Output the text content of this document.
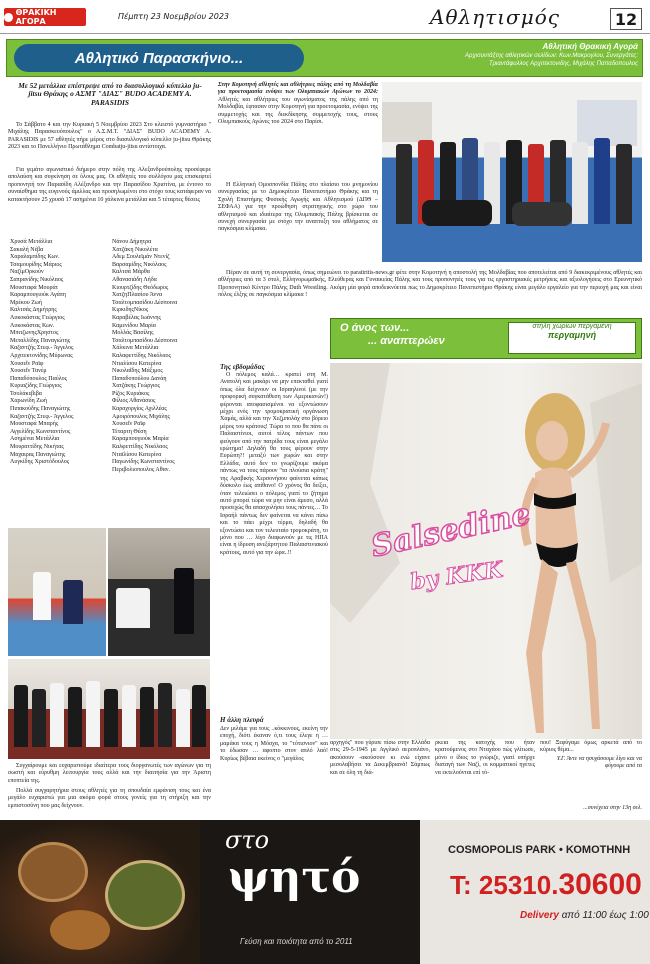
ΘΡΑΚΙΚΗ ΑΓΟΡΑ
Πέμπτη 23 Νοεμβρίου 2023	Αθλητισμός	12
Αθλητικό Παρασκήνιο...
Αθλητική Θρακική Αγορά
Αρχισυντάξτης αθλητικών σελίδων: Κων.Μακρογλου, Συνεργάτες:
Τριαντάφυλλος Αρχιτεκτονιδης, Μιχάλης Παπαδοπουλος
Με 52 μετάλλια επέστρεψε από το διασυλλογικό κύπελλο ju-jitsu Θράκης ο ΑΣΜΤ "ΔΙΑΣ" BUDO ACADEMY A. PARASIDIS
Το Σάββατο 4 και την Κυριακή 5 Νοεμβρίου 2023 Στο κλειστό γυμναστήριο " Μιχάλης Παρασκευόπουλος" ο Α.Σ.Μ.Τ. "ΔΙΑΣ" BUDO ACADEMY A. PARASIDIS με 57 αθλητές πήρε μέρος στο διασυλλογικό κύπελλο ju-jitsu Θράκης 2023 και το Πανελλήνιο Πρωτάθλημα Combatju-jitsu αντίστοιχα.
Για γεμάτο αγωνιστικό διήμερο στην πόλη της Αλεξανδρούπολης προσέφερε απολαύση και συγκίνηση σε όλους μας. Οι αθλητές του συλλόγου μας επισκεφτεί προπονητή τον Παρασίδη Αλέξανδρο και την Παρασίδου Χριστίνα, με έντονο το συναίσθημα της ευγενούς άμιλλας και προσηλωμένοι στο στόχο τους κατάφεραν να κατακτήσουν 25 χρυσά 17 ασημένια 10 χάλκινα μετάλλια και 5 τέταρτες θέσεις
Χρυσά Μετάλλια
Σακαλή Νέβα
Χαραλαμπίδης Κων.
Τσαμουρίδης Μάριος
ΝαζίμΟρκούν
Σαπρανίδης Νικόλαος
Μουσταφά Μουράτ
Καραμπουγιούκ Αγάπη
Μρέκου Ζωή
Καλτσάς Δημήτρης
Λυκοκάστας Γεώργιος
Λυκοκάστας Κων.
ΜπιτζωνηςΧρηστος
Μεταλλίδης Παναγιώτης
Καζαντζής Στεφ.- Άγγελος
Αρχιτεκτονίδης Μύρωνας
Χουσεΐν Ραϊφ
Χουσεΐν Τανέμ
Παπαδόπουλος Παύλος
Κυριαζίδης Γεώργιος
Τσολάκεβιβα
Χαρωνίδη Ζωή
Πιπακούδης Παναγιώτης
Καζαντζής Στεφ.- Άγγελος
Μουσταφά Μπαρής
Αγγελίδης Κωνσταντίνος
Ασημένια Μετάλλια
Μουραττίδης Νικήτας
Μαχαιρας Παναγιώτης
Λυγκίδης Χριστόδουλος
Νάνου Δήμητρα
Χατζάκη Νικολέτα
Αδεμ Σουλεϊμάν Ντενίζ
Βαρσαμίδης Νικόλαος
Καλτσά Μάρθα
Αθανασιάδη Λήδα
Κιουρτζίδης Θεόδωρος
ΧατζηΠλασίου Άννα
Τσαλτομπασίδου Δέσποινα
ΚιρκιδηςΝίκος
Καραβέλας Ιωάννης
Καμενίδου Μαρία
Μολλάς Βασίλης
Τσαλτομπασίδου Δέσποινα
Χάλκινα Μετάλλια
Καλαφεττίδης Νικόλαος
Ντιαλίσου Κατερίνα
Νικολαΐδης Μάξιμος
Παπαδοπούλου Δανάη
Χατζάκης Γεώργιος
Ρίζος Κυριάκος
Φίλιος Αθανάσιος
Καραχοργίος Αχιλλέας
Αμοιρόπουλος Μιχάλης
Χουσεΐν Ραϊφ
Τέταρτη Θέση
Καραμπουγιούκ Μαρία
Καλφεττίδης Νικόλαος
Νταϊλίσου Κατερίνα
Παγωνίδης Κωνσταντίνος
Περιβολιοπουλος Αθαν.
Συγχαίρουμε και ευχαριστούμε ιδιαίτερα τους διοργανωτές των αγώνων για τη σωστή και εύρυθμη λειτουργία τους αλλά και την διαιτησία για την Άριστη εποπτεία της.
Πολλά συγχαρητήρια στους αθλητές για τη σπουδαία εμφάνιση τους και ένα μεγάλο ευχαριστώ για μια ακόμα φορά στους γονείς για τη στήριξη και την εμπιστοσύνη που μας δείχνουν.
Στην Κομοτηνή αθλητές και αθλήτριες πάλης από τη Μολδαβία για προετοιμασία ενόψει των Ολυμπιακών Αγώνων το 2024: Αθλητές και αθλήτριες του αγωνίσματος της πάλης από τη Μολδαβία, έφτασαν στην Κομοτηνή για προετοιμασία, ενόψει της συμμετοχής και της διεκδίκησης συμμετοχής τους, στους Ολυμπιακούς Αγώνες του 2024 στο Παρίσι.
Η Ελληνική Ομοσπονδία Πάλης στο πλαίσιο του μνημονίου συνεργασίας με το Δημοκρίτειο Πανεπιστήμιο Θράκης και τη Σχολή Επιστήμης Φυσικής Αγωγής και Αθλητισμού (ΔΠΘ – ΣΕΦΑΑ) για την προώθηση στρατηγικής στο χώρο του αθλητισμού και ιδιαίτερα της Ολυμπιακής Πάλης βρίσκεται σε συνεχή συνεργασία με στόχο την αναπτυξη του αθλήματος σε παγκόσμια κλίμακα.
Πέραν σε αυτή τη συνεργασία, όπως σημειώνει το paratiritis-news.gr φέτε στην Κομοτηνή η αποστολή της Μολδαβίας που αποτελείται από 9 διακεκριμένους αθλητές και αθλήτριες από τα 3 στυλ, Ελληνορωμαϊκής, Ελεύθερας και Γυναικείας Πάλης και τους προπονητές τους για τις εργαστηριακές μετρήσεις και αξιολογήσεις στο Ερευνητικό Προπονητικό Κέντρο Πάλης Duth Wrestling. Ακόμη μία φορά αποδεικνύεται πως το Δημοκρίτειο Πανεπιστήμιο Θράκης είναι μεγάλο εργαλείο για την περιοχή μας και είναι πόλος έλξης σε παγκόσμια κλίμακα !
Ο άνος των...
... αναπτερώεν
στήλη χωρίων περγαμένη
περγαμηνή
Της εβδομάδας
Ο πόλεμος καλά… κρατεί στη Μ. Ανατολή και μακάρι να μην επεκταθεί γιατί όπως όλα δείχνουν οι Ισραηλινοί (με την προφορική συγκατάθεση των Αμερικανών!) φέρονται αποφασισμένοι να εξοντώσουν μέχρι ενός την τρομοκρατική οργάνωση Χαμάς, αλλά και την Χεζμπολάχ στο βόρειο μέρος του κράτους! Τώρα το που θα πάνε οι Παλαιστίνιοι, αυτοί τέλος πάντων που φεύγουν από την πατρίδα τους είναι μεγάλο ερώτημα! Δηλαδή θα τους φέρουν στην Ευρώπη?! μεταξύ των χωρών και στην Ελλάδα, αυτό δεν το γνωρίζουμε ακόμα πάντως να τους πάρουν "τα πλούσια κράτη" της Αραβικής Χερσονήσου φαίνεται κάπως δύσκολο έως απίθανο! Ο χρόνος θα δείξει, όταν τελειώσει ο πόλεμος γιατί το ζήτημα αυτό μπορεί τώρα να μην είναι άμεσο, αλλά προσεχώς θα απασχολήσει τους πάντες… Το Ισραήλ πάντως δεν φαίνεται να κάνει πίσω και το πάει μέχρι τέρμα, δηλαδή θα εξοντώσει και τον τελευταίο τρομοκράτη, το μόνο που … λίγο διαφωνούν με τις ΗΠΑ είναι η ίδρυση ανεξάρτητου Παλαιστινιακού κράτους, αυτό για την ώρα..!!
Η άλλη πλευρά
Δεν μιλάμε για τους ..κόκκινους, εκείνη την εποχή, διότι έκαναν ό,τι τους έλεγε η … μαμάκα τους η Μόσχα, το "τότισνιον" και το έδωσαν … αφοπτο στον απλό λαό! Κυρίως βέβαια εκείνος ο "μεγάλος
αρχηγός" που γύρισε πίσω στην Ελλάδα στις 29-5-1945 με Αγγλικό αεροπλάνο, ακούσουν -ακούσουν κι ενώ είχανε μεσολαβήσει τα Δεκεμβριανά! Σάμπως και σε όλη τη διά-
ρκεια της κατοχής που ήταν κρατούμενος στο Νταχάου πώς γλίτωσε, μόνο ο ίδιος το γνώριζε, γιατί υπήρχε διαταγή των Ναζί, οι κομματικοί ηγέτες να εκτελούνται επί τό-
που! Ξεφύγαμε όμως αρκετά από το κύριος θέμα...
Υ.Γ. Άντε να ησυχάσουμε λίγο και να φύγουμε από τα
...συνέχεια στην 13η σελ.
Salsedine
by KKK
στο
ψητό
Γεύση και ποιότητα από το 2011
COSMOPOLIS PARK • ΚΟΜΟΤΗΝΗ
Τ: 25310.30600
Delivery από 11:00 έως 1:00
